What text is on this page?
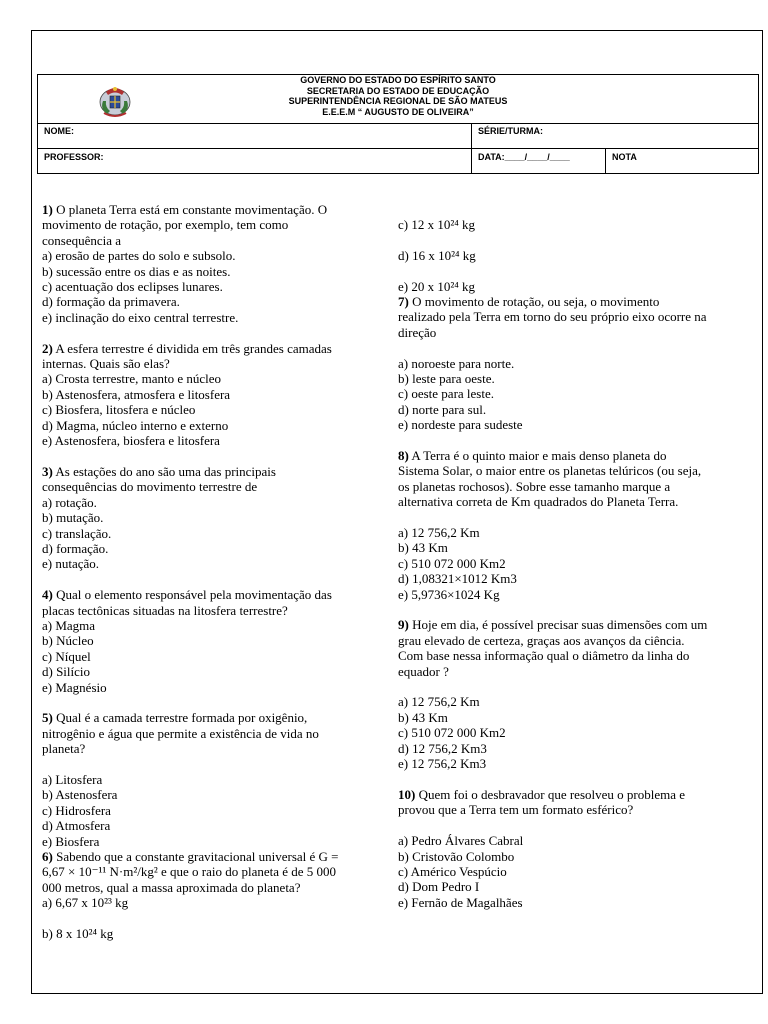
GOVERNO DO ESTADO DO ESPÍRITO SANTO
SECRETARIA DO ESTADO DE EDUCAÇÃO
SUPERINTENDÊNCIA REGIONAL DE SÃO MATEUS
E.E.E.M “ AUGUSTO DE OLIVEIRA”
NOME:	SÉRIE/TURMA:
PROFESSOR:	DATA:____/____/____	NOTA

1) O planeta Terra está em constante movimentação. O movimento de rotação, por exemplo, tem como consequência a

a) erosão de partes do solo e subsolo.

b) sucessão entre os dias e as noites.

c) acentuação dos eclipses lunares.

d) formação da primavera.

e) inclinação do eixo central terrestre.

2) A esfera terrestre é dividida em três grandes camadas internas. Quais são elas?

a) Crosta terrestre, manto e núcleo

b) Astenosfera, atmosfera e litosfera

c) Biosfera, litosfera e núcleo

d) Magma, núcleo interno e externo

e) Astenosfera, biosfera e litosfera

3) As estações do ano são uma das principais consequências do movimento terrestre de

a) rotação.

b) mutação.

c) translação.

d) formação.

e) nutação.

4) Qual o elemento responsável pela movimentação das placas tectônicas situadas na litosfera terrestre?

a) Magma

b) Núcleo

c) Níquel

d) Silício

e) Magnésio

5) Qual é a camada terrestre formada por oxigênio, nitrogênio e água que permite a existência de vida no planeta?

a) Litosfera

b) Astenosfera

c) Hidrosfera

d) Atmosfera

e) Biosfera

6) Sabendo que a constante gravitacional universal é G = 6,67 × 10⁻¹¹ N·m²/kg² e que o raio do planeta é de 5 000 000 metros, qual a massa aproximada do planeta?

a) 6,67 x 10²³ kg

b) 8 x 10²⁴ kg

c) 12 x 10²⁴ kg

d) 16 x 10²⁴ kg

e) 20 x 10²⁴ kg

7) O movimento de rotação, ou seja, o movimento realizado pela Terra em torno do seu próprio eixo ocorre na direção

a) noroeste para norte.

b) leste para oeste.

c) oeste para leste.

d) norte para sul.

e) nordeste para sudeste

8) A Terra é o quinto maior e mais denso planeta do Sistema Solar, o maior entre os planetas telúricos (ou seja, os planetas rochosos). Sobre esse tamanho marque a alternativa correta de Km quadrados do Planeta Terra.

a) 12 756,2 Km

b) 43 Km

c) 510 072 000 Km2

d) 1,08321×1012 Km3

e) 5,9736×1024 Kg

9) Hoje em dia, é possível precisar suas dimensões com um grau elevado de certeza, graças aos avanços da ciência. Com base nessa informação qual o diâmetro da linha do equador ?

a) 12 756,2 Km

b) 43 Km

c) 510 072 000 Km2

d) 12 756,2 Km3

e) 12 756,2 Km3

10) Quem foi o desbravador que resolveu o problema e provou que a Terra tem um formato esférico?

a) Pedro Álvares Cabral

b) Cristovão Colombo

c) Américo Vespúcio

d) Dom Pedro I

e) Fernão de Magalhães
